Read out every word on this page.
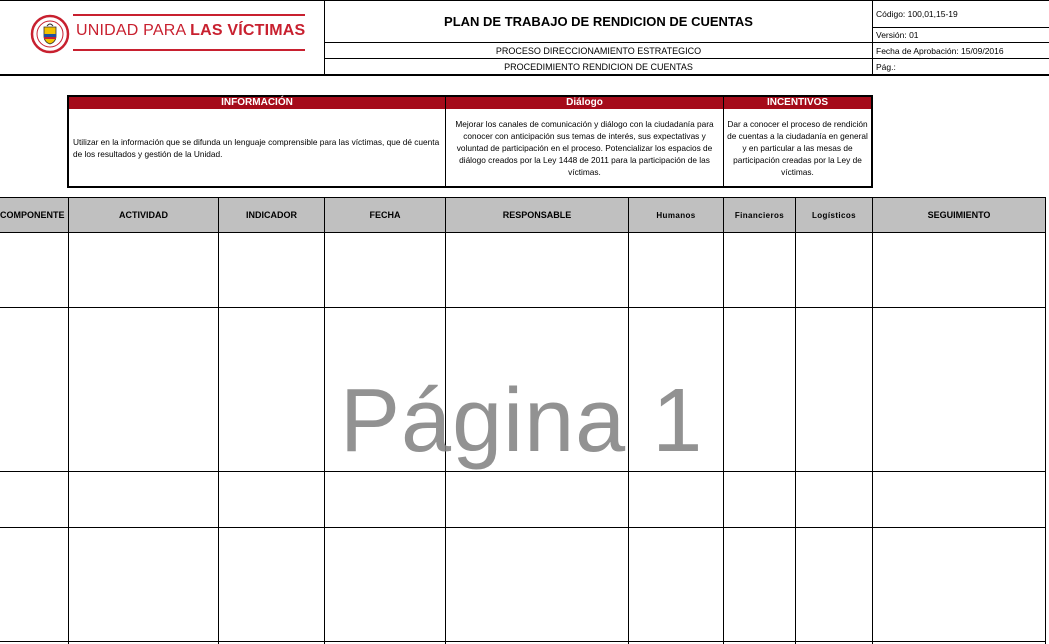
UNIDAD PARA LAS VÍCTIMAS
PLAN DE TRABAJO DE RENDICION DE CUENTAS
PROCESO DIRECCIONAMIENTO ESTRATEGICO
PROCEDIMIENTO RENDICION DE CUENTAS
Código: 100,01,15-19
Versión: 01
Fecha de Aprobación: 15/09/2016
Pág.:
INFORMACIÓN
Utilizar en la información que se difunda un lenguaje comprensible para las víctimas, que dé cuenta de los resultados y gestión de la Unidad.
Diálogo
Mejorar los canales de comunicación y diálogo con la ciudadanía para conocer con anticipación sus temas de interés, sus expectativas y voluntad de participación en el proceso. Potencializar los espacios de diálogo creados por la Ley 1448 de 2011 para la participación de las víctimas.
INCENTIVOS
Dar a conocer el proceso de rendición de cuentas a la ciudadanía en general y en particular a las mesas de participación creadas por la Ley de víctimas.
COMPONENTE	ACTIVIDAD	INDICADOR	FECHA	RESPONSABLE	Humanos	Financieros	Logísticos	SEGUIMIENTO
Página 1
